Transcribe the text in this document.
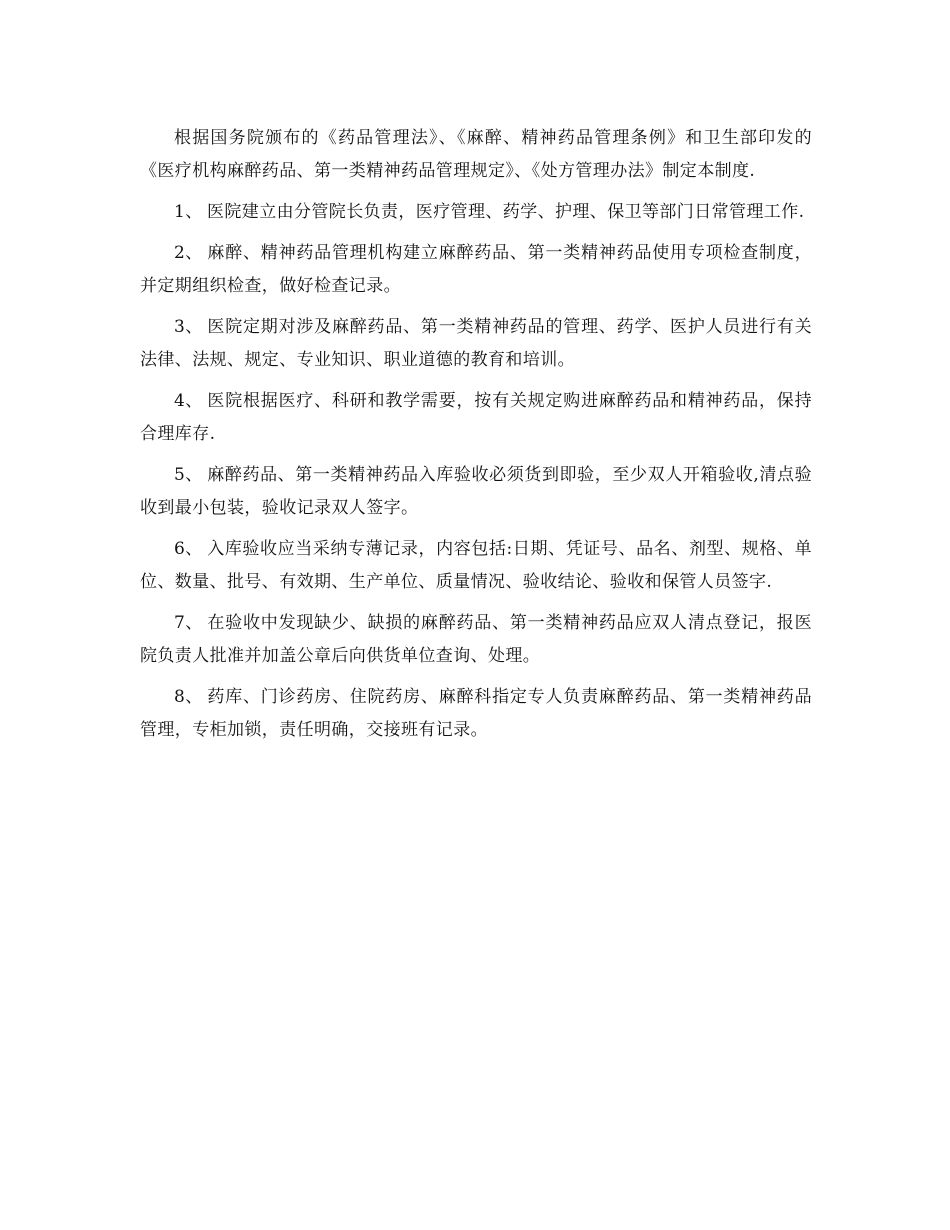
根据国务院颁布的《药品管理法》、《麻醉、精神药品管理条例》和卫生部印发的《医疗机构麻醉药品、第一类精神药品管理规定》、《处方管理办法》制定本制度.

1、 医院建立由分管院长负责，医疗管理、药学、护理、保卫等部门日常管理工作.

2、 麻醉、精神药品管理机构建立麻醉药品、第一类精神药品使用专项检查制度，并定期组织检查，做好检查记录。

3、 医院定期对涉及麻醉药品、第一类精神药品的管理、药学、医护人员进行有关法律、法规、规定、专业知识、职业道德的教育和培训。

4、 医院根据医疗、科研和教学需要，按有关规定购进麻醉药品和精神药品，保持合理库存.

5、 麻醉药品、第一类精神药品入库验收必须货到即验，至少双人开箱验收,清点验收到最小包装，验收记录双人签字。

6、 入库验收应当采纳专薄记录，内容包括:日期、凭证号、品名、剂型、规格、单位、数量、批号、有效期、生产单位、质量情况、验收结论、验收和保管人员签字.

7、 在验收中发现缺少、缺损的麻醉药品、第一类精神药品应双人清点登记，报医院负责人批准并加盖公章后向供货单位查询、处理。

8、 药库、门诊药房、住院药房、麻醉科指定专人负责麻醉药品、第一类精神药品管理，专柜加锁，责任明确，交接班有记录。
